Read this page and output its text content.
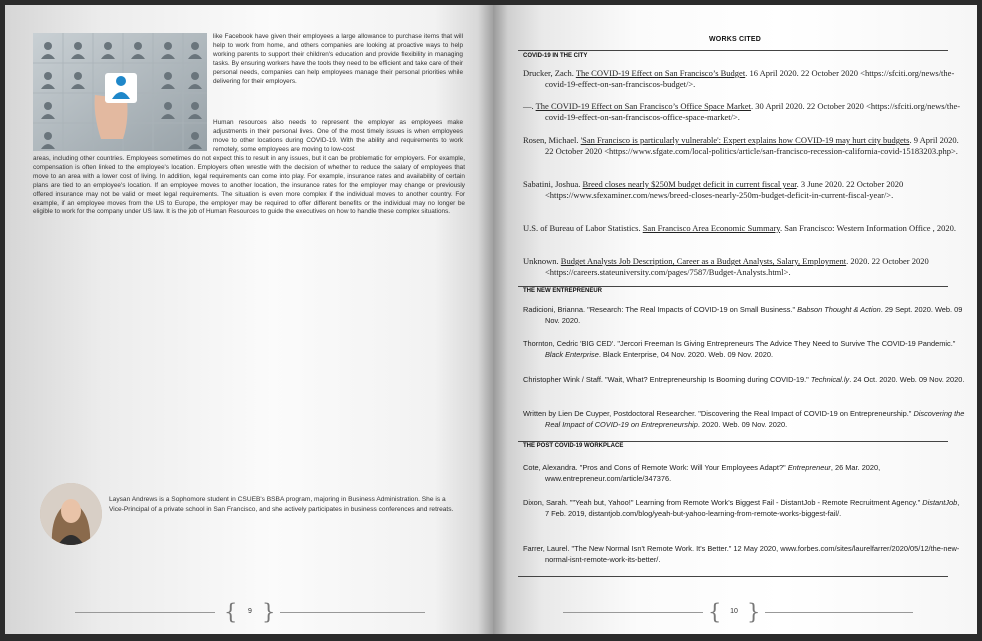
like Facebook have given their employees a large allowance to purchase items that will help to work from home, and others companies are looking at proactive ways to help working parents to support their children's education and provide flexibility in managing tasks. By ensuring workers have the tools they need to be efficient and take care of their personal needs, companies can help employees manage their personal priorities while delivering for their employers.
Human resources also needs to represent the employer as employees make adjustments in their personal lives. One of the most timely issues is when employees move to other locations during COVID-19. With the ability and requirements to work remotely, some employees are moving to low-cost
areas, including other countries. Employees sometimes do not expect this to result in any issues, but it can be problematic for employers. For example, compensation is often linked to the employee's location. Employers often wrestle with the decision of whether to reduce the salary of employees that move to an area with a lower cost of living. In addition, legal requirements can come into play. For example, insurance rates and availability of certain plans are tied to an employee's location. If an employee moves to another location, the insurance rates for the employer may change or previously offered insurance may not be valid or meet legal requirements. The situation is even more complex if the individual moves to another country. For example, if an employee moves from the US to Europe, the employer may be required to offer different benefits or the individual may no longer be eligible to work for the company under US law. It is the job of Human Resources to guide the executives on how to handle these complex situations.
Laysan Andrews is a Sophomore student in CSUEB's BSBA program, majoring in Business Administration. She is a Vice-Principal of a private school in San Francisco, and she actively participates in business conferences and retreats.
{	9 }
WORKS CITED
COVID-19 IN THE CITY
Drucker, Zach. The COVID-19 Effect on San Francisco’s Budget. 16 April 2020. 22 October 2020 <https://sfciti.org/news/the-covid-19-effect-on-san-franciscos-budget/>.
—. The COVID-19 Effect on San Francisco’s Office Space Market. 30 April 2020. 22 October 2020 <https://sfciti.org/news/the-covid-19-effect-on-san-franciscos-office-space-market/>.
Rosen, Michael. 'San Francisco is particularly vulnerable': Expert explains how COVID-19 may hurt city budgets. 9 April 2020. 22 October 2020 <https://www.sfgate.com/local-politics/article/san-francisco-recession-california-covid-15183203.php>.
Sabatini, Joshua. Breed closes nearly $250M budget deficit in current fiscal year. 3 June 2020. 22 October 2020 <https://www.sfexaminer.com/news/breed-closes-nearly-250m-budget-deficit-in-current-fiscal-year/>.
U.S. of Bureau of Labor Statistics. San Francisco Area Economic Summary. San Francisco: Western Information Office , 2020.
Unknown. Budget Analysts Job Description, Career as a Budget Analysts, Salary, Employment. 2020. 22 October 2020 <https://careers.stateuniversity.com/pages/7587/Budget-Analysts.html>.
THE NEW ENTREPRENEUR
Radicioni, Brianna. "Research: The Real Impacts of COVID-19 on Small Business." Babson Thought & Action. 29 Sept. 2020. Web. 09 Nov. 2020.
Thornton, Cedric 'BIG CED'. "Jercori Freeman Is Giving Entrepreneurs The Advice They Need to Survive The COVID-19 Pandemic." Black Enterprise. Black Enterprise, 04 Nov. 2020. Web. 09 Nov. 2020.
Christopher Wink / Staff. "Wait, What? Entrepreneurship Is Booming during COVID-19." Technical.ly. 24 Oct. 2020. Web. 09 Nov. 2020.
Written by Lien De Cuyper, Postdoctoral Researcher. "Discovering the Real Impact of COVID-19 on Entrepreneurship." Discovering the Real Impact of COVID-19 on Entrepreneurship. 2020. Web. 09 Nov. 2020.
THE POST COVID-19 WORKPLACE
Cote, Alexandra. "Pros and Cons of Remote Work: Will Your Employees Adapt?" Entrepreneur, 26 Mar. 2020, www.entrepreneur.com/article/347376.
Dixon, Sarah. ""Yeah but, Yahoo!" Learning from Remote Work's Biggest Fail - DistantJob - Remote Recruitment Agency." DistantJob, 7 Feb. 2019, distantjob.com/blog/yeah-but-yahoo-learning-from-remote-works-biggest-fail/.
Farrer, Laurel. "The New Normal Isn't Remote Work. It's Better." 12 May 2020, www.forbes.com/sites/laurelfarrer/2020/05/12/the-new-normal-isnt-remote-work-its-better/.
{	10 }
